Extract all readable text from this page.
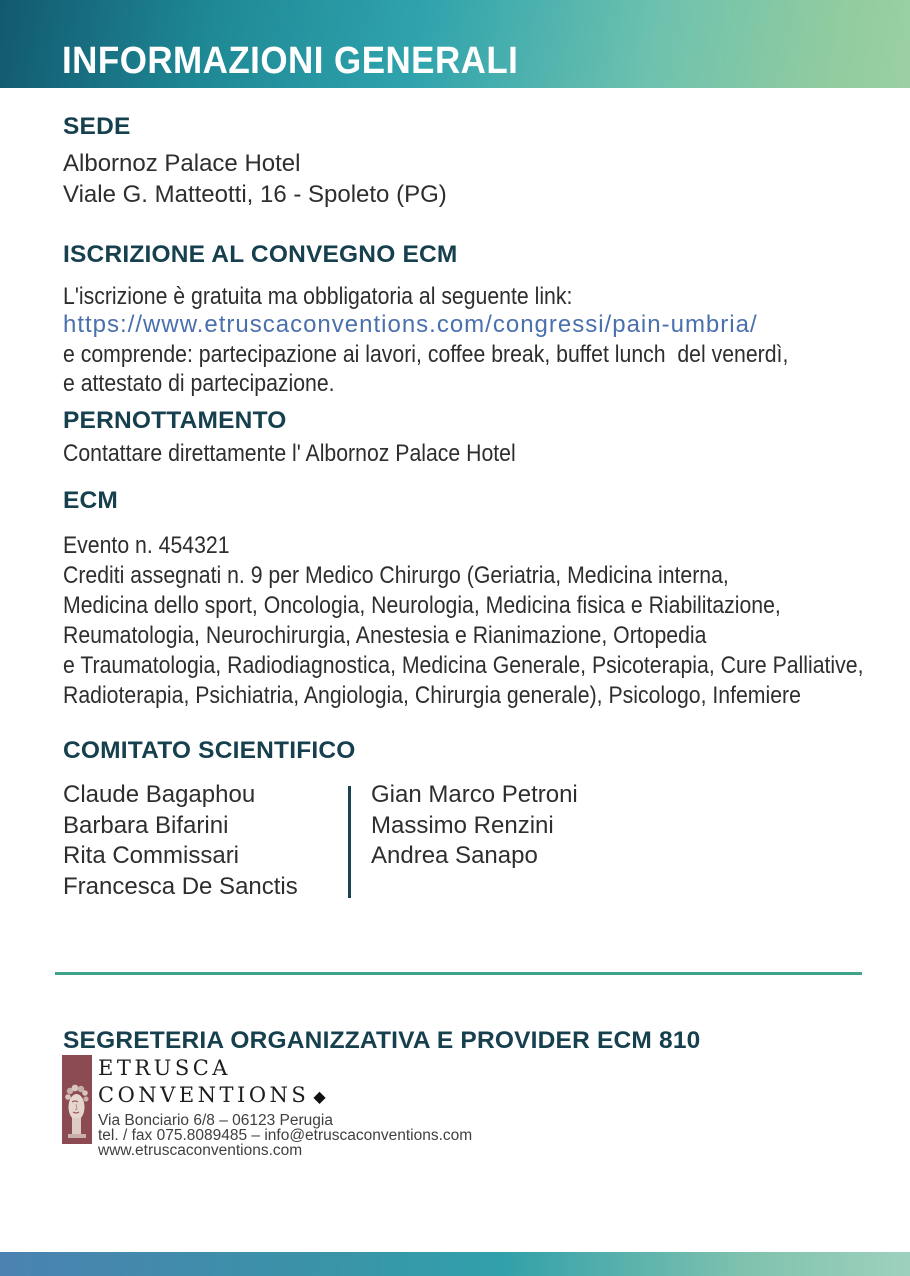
INFORMAZIONI GENERALI
SEDE
Albornoz Palace Hotel
Viale G. Matteotti, 16 - Spoleto (PG)
ISCRIZIONE AL CONVEGNO ECM
L'iscrizione è gratuita ma obbligatoria al seguente link:
https://www.etruscaconventions.com/congressi/pain-umbria/
e comprende: partecipazione ai lavori, coffee break, buffet lunch  del venerdì,
e attestato di partecipazione.
PERNOTTAMENTO
Contattare direttamente l' Albornoz Palace Hotel
ECM
Evento n. 454321
Crediti assegnati n. 9 per Medico Chirurgo (Geriatria, Medicina interna,
Medicina dello sport, Oncologia, Neurologia, Medicina fisica e Riabilitazione,
Reumatologia, Neurochirurgia, Anestesia e Rianimazione, Ortopedia
e Traumatologia, Radiodiagnostica, Medicina Generale, Psicoterapia, Cure Palliative,
Radioterapia, Psichiatria, Angiologia, Chirurgia generale), Psicologo, Infemiere
COMITATO SCIENTIFICO
Claude Bagaphou
Barbara Bifarini
Rita Commissari
Francesca De Sanctis
Gian Marco Petroni
Massimo Renzini
Andrea Sanapo
SEGRETERIA ORGANIZZATIVA E PROVIDER ECM 810
ETRUSCA
CONVENTIONS ◆
Via Bonciario 6/8 – 06123 Perugia
tel. / fax 075.8089485 – info@etruscaconventions.com
www.etruscaconventions.com
